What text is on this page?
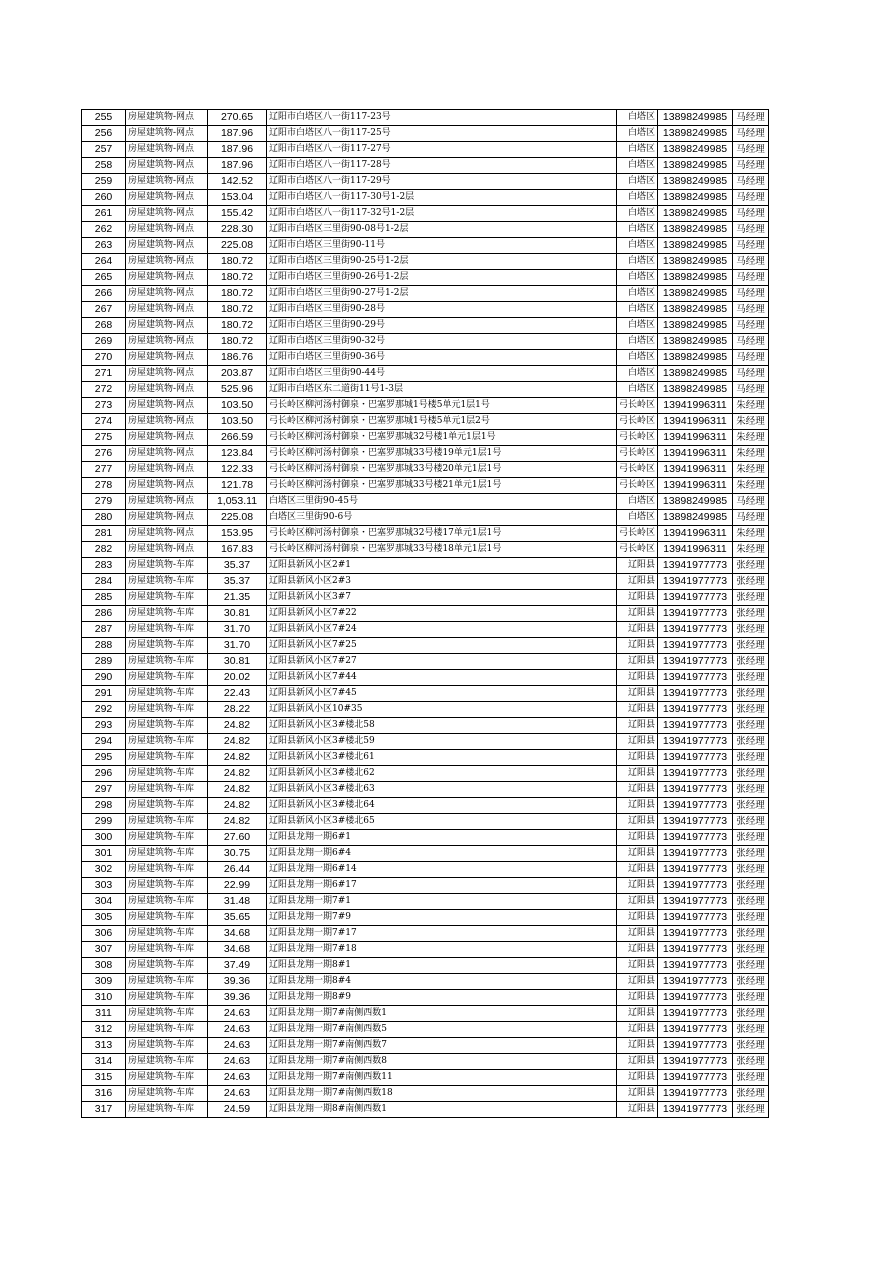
255	房屋建筑物-网点	270.65	辽阳市白塔区八一街117-23号	白塔区	13898249985	马经理
256	房屋建筑物-网点	187.96	辽阳市白塔区八一街117-25号	白塔区	13898249985	马经理
257	房屋建筑物-网点	187.96	辽阳市白塔区八一街117-27号	白塔区	13898249985	马经理
258	房屋建筑物-网点	187.96	辽阳市白塔区八一街117-28号	白塔区	13898249985	马经理
259	房屋建筑物-网点	142.52	辽阳市白塔区八一街117-29号	白塔区	13898249985	马经理
260	房屋建筑物-网点	153.04	辽阳市白塔区八一街117-30号1-2层	白塔区	13898249985	马经理
261	房屋建筑物-网点	155.42	辽阳市白塔区八一街117-32号1-2层	白塔区	13898249985	马经理
262	房屋建筑物-网点	228.30	辽阳市白塔区三里街90-08号1-2层	白塔区	13898249985	马经理
263	房屋建筑物-网点	225.08	辽阳市白塔区三里街90-11号	白塔区	13898249985	马经理
264	房屋建筑物-网点	180.72	辽阳市白塔区三里街90-25号1-2层	白塔区	13898249985	马经理
265	房屋建筑物-网点	180.72	辽阳市白塔区三里街90-26号1-2层	白塔区	13898249985	马经理
266	房屋建筑物-网点	180.72	辽阳市白塔区三里街90-27号1-2层	白塔区	13898249985	马经理
267	房屋建筑物-网点	180.72	辽阳市白塔区三里街90-28号	白塔区	13898249985	马经理
268	房屋建筑物-网点	180.72	辽阳市白塔区三里街90-29号	白塔区	13898249985	马经理
269	房屋建筑物-网点	180.72	辽阳市白塔区三里街90-32号	白塔区	13898249985	马经理
270	房屋建筑物-网点	186.76	辽阳市白塔区三里街90-36号	白塔区	13898249985	马经理
271	房屋建筑物-网点	203.87	辽阳市白塔区三里街90-44号	白塔区	13898249985	马经理
272	房屋建筑物-网点	525.96	辽阳市白塔区东二道街11号1-3层	白塔区	13898249985	马经理
273	房屋建筑物-网点	103.50	弓长岭区柳河汤村御泉・巴塞罗那城1号楼5单元1层1号	弓长岭区	13941996311	朱经理
274	房屋建筑物-网点	103.50	弓长岭区柳河汤村御泉・巴塞罗那城1号楼5单元1层2号	弓长岭区	13941996311	朱经理
275	房屋建筑物-网点	266.59	弓长岭区柳河汤村御泉・巴塞罗那城32号楼1单元1层1号	弓长岭区	13941996311	朱经理
276	房屋建筑物-网点	123.84	弓长岭区柳河汤村御泉・巴塞罗那城33号楼19单元1层1号	弓长岭区	13941996311	朱经理
277	房屋建筑物-网点	122.33	弓长岭区柳河汤村御泉・巴塞罗那城33号楼20单元1层1号	弓长岭区	13941996311	朱经理
278	房屋建筑物-网点	121.78	弓长岭区柳河汤村御泉・巴塞罗那城33号楼21单元1层1号	弓长岭区	13941996311	朱经理
279	房屋建筑物-网点	1,053.11	白塔区三里街90-45号	白塔区	13898249985	马经理
280	房屋建筑物-网点	225.08	白塔区三里街90-6号	白塔区	13898249985	马经理
281	房屋建筑物-网点	153.95	弓长岭区柳河汤村御泉・巴塞罗那城32号楼17单元1层1号	弓长岭区	13941996311	朱经理
282	房屋建筑物-网点	167.83	弓长岭区柳河汤村御泉・巴塞罗那城33号楼18单元1层1号	弓长岭区	13941996311	朱经理
283	房屋建筑物-车库	35.37	辽阳县新风小区2#1	辽阳县	13941977773	张经理
284	房屋建筑物-车库	35.37	辽阳县新风小区2#3	辽阳县	13941977773	张经理
285	房屋建筑物-车库	21.35	辽阳县新风小区3#7	辽阳县	13941977773	张经理
286	房屋建筑物-车库	30.81	辽阳县新风小区7#22	辽阳县	13941977773	张经理
287	房屋建筑物-车库	31.70	辽阳县新风小区7#24	辽阳县	13941977773	张经理
288	房屋建筑物-车库	31.70	辽阳县新风小区7#25	辽阳县	13941977773	张经理
289	房屋建筑物-车库	30.81	辽阳县新风小区7#27	辽阳县	13941977773	张经理
290	房屋建筑物-车库	20.02	辽阳县新风小区7#44	辽阳县	13941977773	张经理
291	房屋建筑物-车库	22.43	辽阳县新风小区7#45	辽阳县	13941977773	张经理
292	房屋建筑物-车库	28.22	辽阳县新风小区10#35	辽阳县	13941977773	张经理
293	房屋建筑物-车库	24.82	辽阳县新风小区3#楼北58	辽阳县	13941977773	张经理
294	房屋建筑物-车库	24.82	辽阳县新风小区3#楼北59	辽阳县	13941977773	张经理
295	房屋建筑物-车库	24.82	辽阳县新风小区3#楼北61	辽阳县	13941977773	张经理
296	房屋建筑物-车库	24.82	辽阳县新风小区3#楼北62	辽阳县	13941977773	张经理
297	房屋建筑物-车库	24.82	辽阳县新风小区3#楼北63	辽阳县	13941977773	张经理
298	房屋建筑物-车库	24.82	辽阳县新风小区3#楼北64	辽阳县	13941977773	张经理
299	房屋建筑物-车库	24.82	辽阳县新风小区3#楼北65	辽阳县	13941977773	张经理
300	房屋建筑物-车库	27.60	辽阳县龙翔一期6#1	辽阳县	13941977773	张经理
301	房屋建筑物-车库	30.75	辽阳县龙翔一期6#4	辽阳县	13941977773	张经理
302	房屋建筑物-车库	26.44	辽阳县龙翔一期6#14	辽阳县	13941977773	张经理
303	房屋建筑物-车库	22.99	辽阳县龙翔一期6#17	辽阳县	13941977773	张经理
304	房屋建筑物-车库	31.48	辽阳县龙翔一期7#1	辽阳县	13941977773	张经理
305	房屋建筑物-车库	35.65	辽阳县龙翔一期7#9	辽阳县	13941977773	张经理
306	房屋建筑物-车库	34.68	辽阳县龙翔一期7#17	辽阳县	13941977773	张经理
307	房屋建筑物-车库	34.68	辽阳县龙翔一期7#18	辽阳县	13941977773	张经理
308	房屋建筑物-车库	37.49	辽阳县龙翔一期8#1	辽阳县	13941977773	张经理
309	房屋建筑物-车库	39.36	辽阳县龙翔一期8#4	辽阳县	13941977773	张经理
310	房屋建筑物-车库	39.36	辽阳县龙翔一期8#9	辽阳县	13941977773	张经理
311	房屋建筑物-车库	24.63	辽阳县龙翔一期7#南侧西数1	辽阳县	13941977773	张经理
312	房屋建筑物-车库	24.63	辽阳县龙翔一期7#南侧西数5	辽阳县	13941977773	张经理
313	房屋建筑物-车库	24.63	辽阳县龙翔一期7#南侧西数7	辽阳县	13941977773	张经理
314	房屋建筑物-车库	24.63	辽阳县龙翔一期7#南侧西数8	辽阳县	13941977773	张经理
315	房屋建筑物-车库	24.63	辽阳县龙翔一期7#南侧西数11	辽阳县	13941977773	张经理
316	房屋建筑物-车库	24.63	辽阳县龙翔一期7#南侧西数18	辽阳县	13941977773	张经理
317	房屋建筑物-车库	24.59	辽阳县龙翔一期8#南侧西数1	辽阳县	13941977773	张经理
